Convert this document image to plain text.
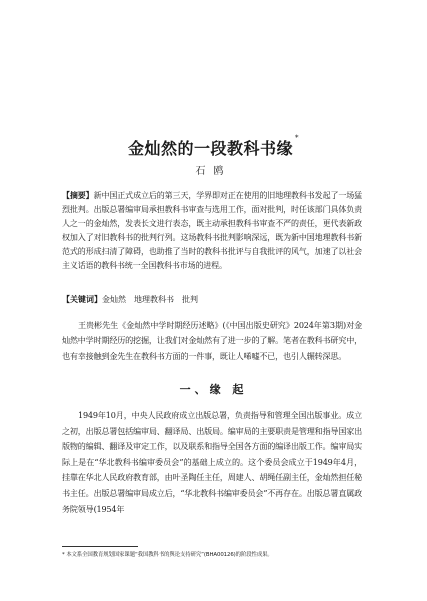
金灿然的一段教科书缘*
石鸥
【摘要】新中国正式成立后的第三天，学界即对正在使用的旧地理教科书发起了一场猛烈批判。出版总署编审局承担教科书审查与选用工作，面对批判，时任该部门具体负责人之一的金灿然，发表长文进行表态，既主动承担教科书审查不严的责任，更代表新政权加入了对旧教科书的批判行列。这场教科书批判影响深远，既为新中国地理教科书新范式的形成扫清了障碍，也助推了当时的教科书批评与自我批评的风气，加速了以社会主义话语的教科书统一全国教科书市场的进程。
【关键词】金灿然 地理教科书 批判
王贵彬先生《金灿然中学时期经历述略》(《中国出版史研究》2024年第3期)对金灿然中学时期经历的挖掘，让我们对金灿然有了进一步的了解。笔者在教科书研究中，也有幸接触到金先生在教科书方面的一件事，既让人唏嘘不已，也引人辗转深思。
一、缘 起

1949年10月，中央人民政府成立出版总署，负责指导和管理全国出版事业。成立之初，出版总署包括编审局、翻译局、出版局。编审局的主要职责是管理和指导国家出版物的编辑、翻译及审定工作，以及联系和指导全国各方面的编译出版工作。编审局实际上是在“华北教科书编审委员会”的基础上成立的。这个委员会成立于1949年4月，挂靠在华北人民政府教育部，由叶圣陶任主任，周建人、胡绳任副主任，金灿然担任秘书主任。出版总署编审局成立后，“华北教科书编审委员会”不再存在。出版总署直属政务院领导(1954年

* 本文系全国教育规划国家课题“我国教科书的舆论支持研究”(BHA00126)的阶段性成果。
